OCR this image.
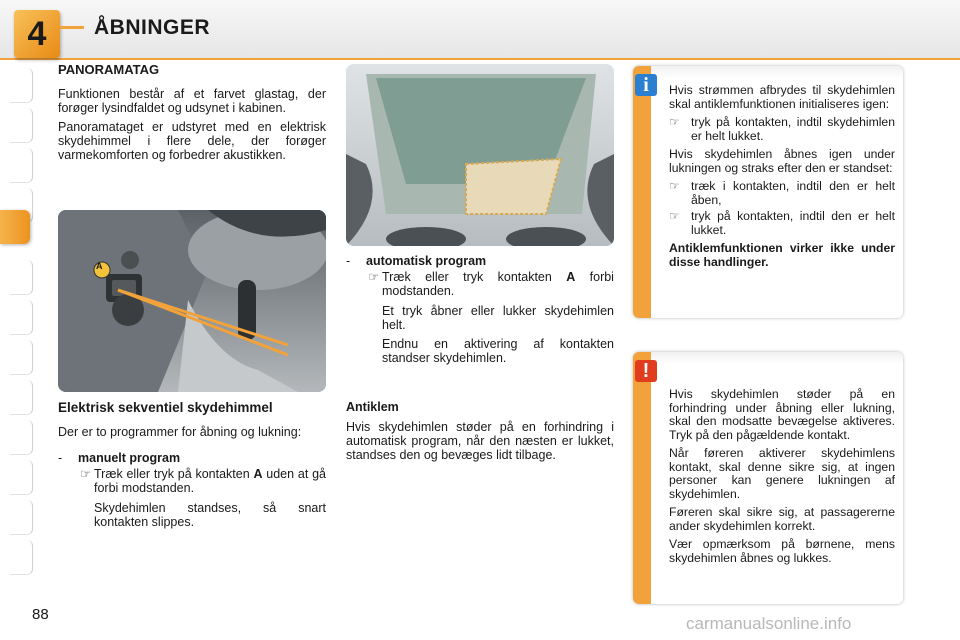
4	ÅBNINGER

PANORAMATAG

Funktionen består af et farvet glastag, der forøger lysindfaldet og udsynet i kabinen.

Panoramataget er udstyret med en elektrisk skydehimmel i flere dele, der forøger varmekomforten og forbedrer akustikken.

A

Elektrisk sekventiel skydehimmel

Der er to programmer for åbning og lukning:

-	manuelt program
☞ Træk eller tryk på kontakten A uden at gå forbi modstanden.

Skydehimlen standses, så snart kontakten slippes.

-	automatisk program
☞ Træk eller tryk kontakten A forbi modstanden.

Et tryk åbner eller lukker skydehimlen helt.

Endnu en aktivering af kontakten standser skydehimlen.

Antiklem

Hvis skydehimlen støder på en forhindring i automatisk program, når den næsten er lukket, standses den og bevæges lidt tilbage.

i	Hvis strømmen afbrydes til skydehimlen skal antiklemfunktionen initialiseres igen:

☞ tryk på kontakten, indtil skydehimlen er helt lukket.

Hvis skydehimlen åbnes igen under lukningen og straks efter den er standset:

☞ træk i kontakten, indtil den er helt åben,
☞ tryk på kontakten, indtil den er helt lukket.

Antiklemfunktionen virker ikke under disse handlinger.

!

Hvis skydehimlen støder på en forhindring under åbning eller lukning, skal den modsatte bevægelse aktiveres. Tryk på den pågældende kontakt.

Når føreren aktiverer skydehimlens kontakt, skal denne sikre sig, at ingen personer kan genere lukningen af skydehimlen.

Føreren skal sikre sig, at passagererne ander skydehimlen korrekt.

Vær opmærksom på børnene, mens skydehimlen åbnes og lukkes.

88	carmanualsonline.info
